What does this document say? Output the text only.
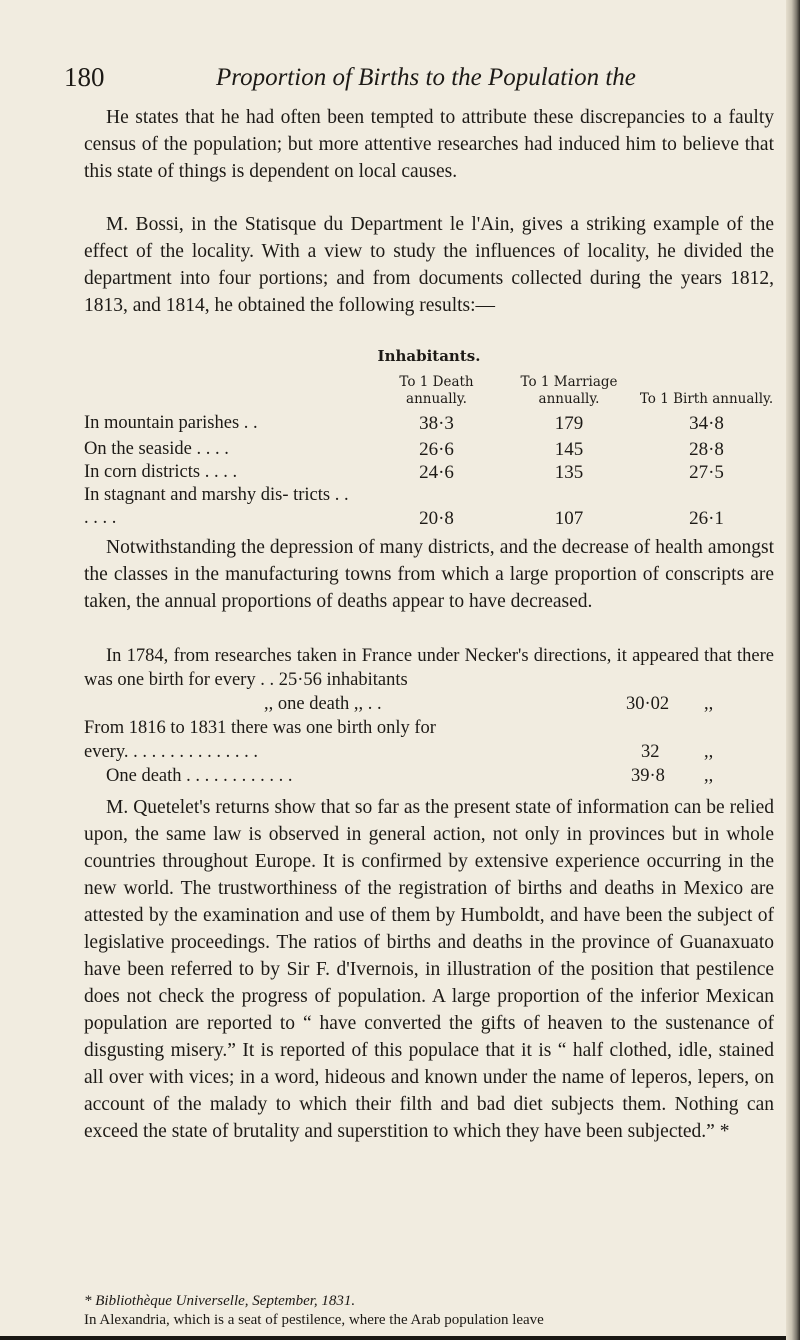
180	Proportion of Births to the Population the

He states that he had often been tempted to attribute these discrepancies to a faulty census of the population; but more attentive researches had induced him to believe that this state of things is dependent on local causes.

M. Bossi, in the Statisque du Department le l'Ain, gives a striking example of the effect of the locality. With a view to study the influences of locality, he divided the department into four portions; and from documents collected during the years 1812, 1813, and 1814, he obtained the following results:—

Inhabitants.
	To 1 Death annually.	To 1 Marriage annually.	To 1 Birth annually.
In mountain parishes . .	38·3	179	34·8
On the seaside . . . .	26·6	145	28·8
In corn districts . . . .	24·6	135	27·5
In stagnant and marshy dis- tricts . . . . . .	20·8	107	26·1

Notwithstanding the depression of many districts, and the decrease of health amongst the classes in the manufacturing towns from which a large proportion of conscripts are taken, the annual proportions of deaths appear to have decreased.

In 1784, from researches taken in France under Necker's directions, it appeared that there was one birth for every . . 25·56 inhabitants

,, one death ,, . .	30·02 ,,
From 1816 to 1831 there was one birth only for
every. . . . . . . . . . . . . . .	32 ,,
One death . . . . . . . . . . . .	39·8 ,,

M. Quetelet's returns show that so far as the present state of information can be relied upon, the same law is observed in general action, not only in provinces but in whole countries throughout Europe. It is confirmed by extensive experience occurring in the new world. The trustworthiness of the registration of births and deaths in Mexico are attested by the examination and use of them by Humboldt, and have been the subject of legislative proceedings. The ratios of births and deaths in the province of Guanaxuato have been referred to by Sir F. d'Ivernois, in illustration of the position that pestilence does not check the progress of population. A large proportion of the inferior Mexican population are reported to “ have converted the gifts of heaven to the sustenance of disgusting misery.” It is reported of this populace that it is “ half clothed, idle, stained all over with vices; in a word, hideous and known under the name of leperos, lepers, on account of the malady to which their filth and bad diet subjects them. Nothing can exceed the state of brutality and superstition to which they have been subjected.” *

* Bibliothèque Universelle, September, 1831.
In Alexandria, which is a seat of pestilence, where the Arab population leave
